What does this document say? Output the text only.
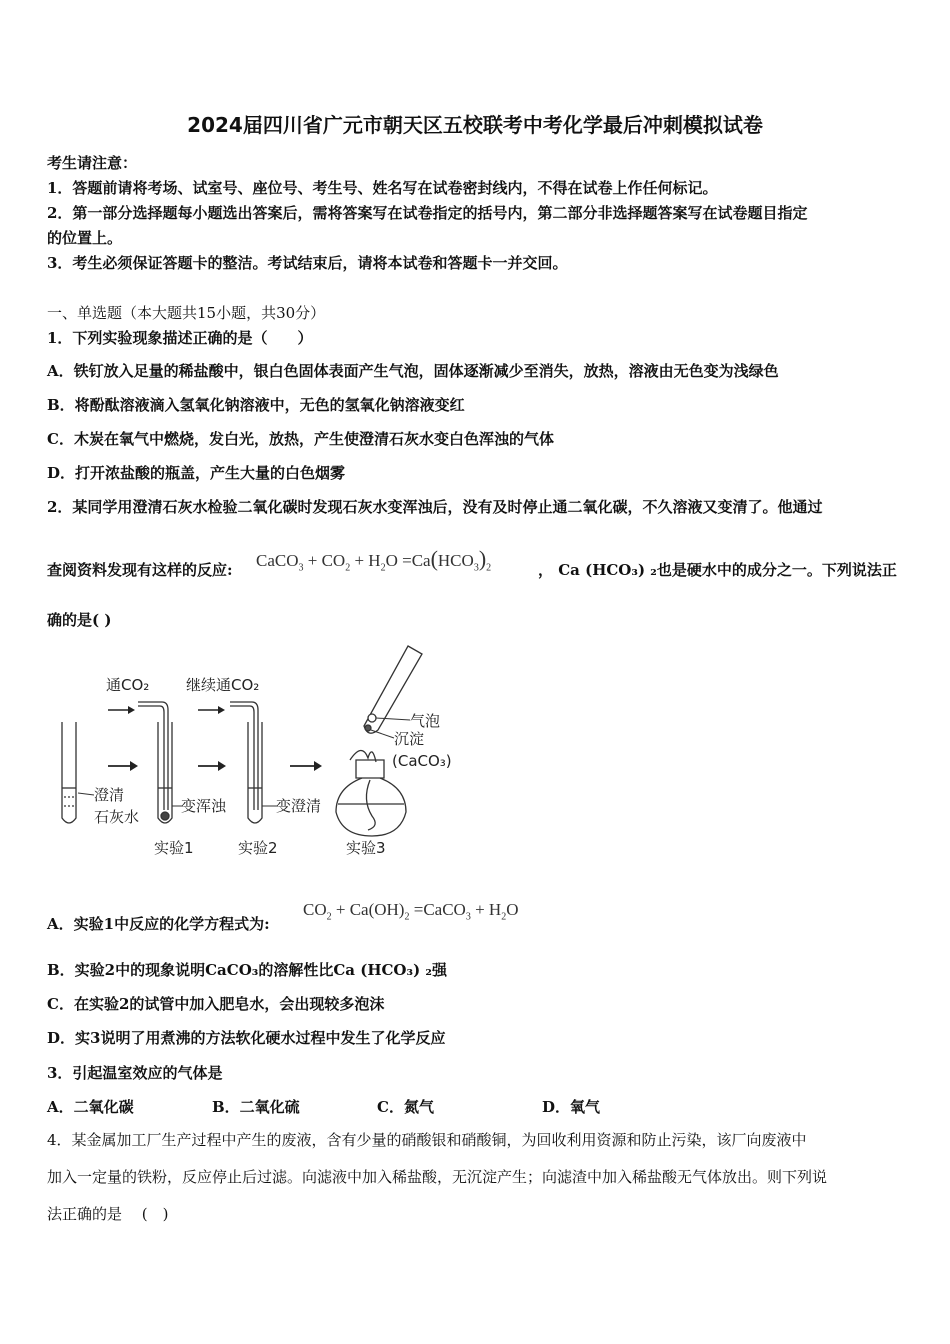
2024届四川省广元市朝天区五校联考中考化学最后冲刺模拟试卷
考生请注意：
1．答题前请将考场、试室号、座位号、考生号、姓名写在试卷密封线内，不得在试卷上作任何标记。
2．第一部分选择题每小题选出答案后，需将答案写在试卷指定的括号内，第二部分非选择题答案写在试卷题目指定
的位置上。
3．考生必须保证答题卡的整洁。考试结束后，请将本试卷和答题卡一并交回。
一、单选题（本大题共15小题，共30分）
1．下列实验现象描述正确的是（　　）
A．铁钉放入足量的稀盐酸中，银白色固体表面产生气泡，固体逐渐减少至消失，放热，溶液由无色变为浅绿色
B．将酚酞溶液滴入氢氧化钠溶液中，无色的氢氧化钠溶液变红
C．木炭在氧气中燃烧，发白光，放热，产生使澄清石灰水变白色浑浊的气体
D．打开浓盐酸的瓶盖，产生大量的白色烟雾
2．某同学用澄清石灰水检验二氧化碳时发现石灰水变浑浊后，没有及时停止通二氧化碳，不久溶液又变清了。他通过
查阅资料发现有这样的反应: CaCO$_3$ + $CO_2 + H_2O =Ca(HCO_3)_2$	， Ca (HCO₃) ₂也是硬水中的成分之一。下列说法正
确的是( )
澄清
石灰水
通CO₂
变浑浊
实验1
继续通CO₂
变澄清
实验2
气泡
沉淀
(CaCO₃)
实验3
A．实验1中反应的化学方程式为:
$CO_2 + Ca(OH)_2$ =CaCO$_3$ + $H_2O$
B．实验2中的现象说明CaCO₃的溶解性比Ca (HCO₃) ₂强
C．在实验2的试管中加入肥皂水，会出现较多泡沫
D．实3说明了用煮沸的方法软化硬水过程中发生了化学反应
3．引起温室效应的气体是
A．二氧化碳	B．二氧化硫	C．氮气	D．氧气
4．某金属加工厂生产过程中产生的废液，含有少量的硝酸银和硝酸铜，为回收利用资源和防止污染，该厂向废液中
加入一定量的铁粉，反应停止后过滤。向滤液中加入稀盐酸，无沉淀产生；向滤渣中加入稀盐酸无气体放出。则下列说
法正确的是　 (　)
